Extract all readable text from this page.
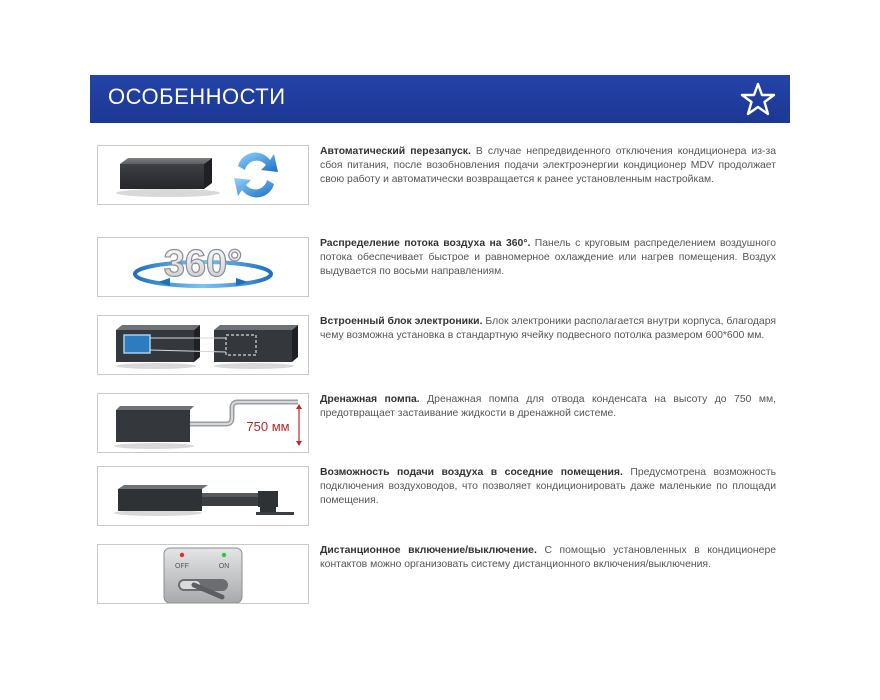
ОСОБЕННОСТИ
Автоматический перезапуск. В случае непредвиденного отключения кондиционера из-за сбоя питания, после возобновления подачи электроэнергии кондиционер MDV продолжает свою работу и автоматически возвращается к ранее установленным настройкам.
360°	Распределение потока воздуха на 360°. Панель с круговым распределением воздушного потока обеспечивает быстрое и равномерное охлаждение или нагрев помещения. Воздух выдувается по восьми направлениям.
Встроенный блок электроники. Блок электроники располагается внутри корпуса, благодаря чему возможна установка в стандартную ячейку подвесного потолка размером 600*600 мм.
750 мм
Дренажная помпа. Дренажная помпа для отвода конденсата на высоту до 750 мм, предотвращает застаивание жидкости в дренажной системе.
Возможность подачи воздуха в соседние помещения. Предусмотрена возможность подключения воздуховодов, что позволяет кондиционировать даже маленькие по площади помещения.
OFF	ON
Дистанционное включение/выключение. С помощью установленных в кондиционере контактов можно организовать систему дистанционного включения/выключения.
